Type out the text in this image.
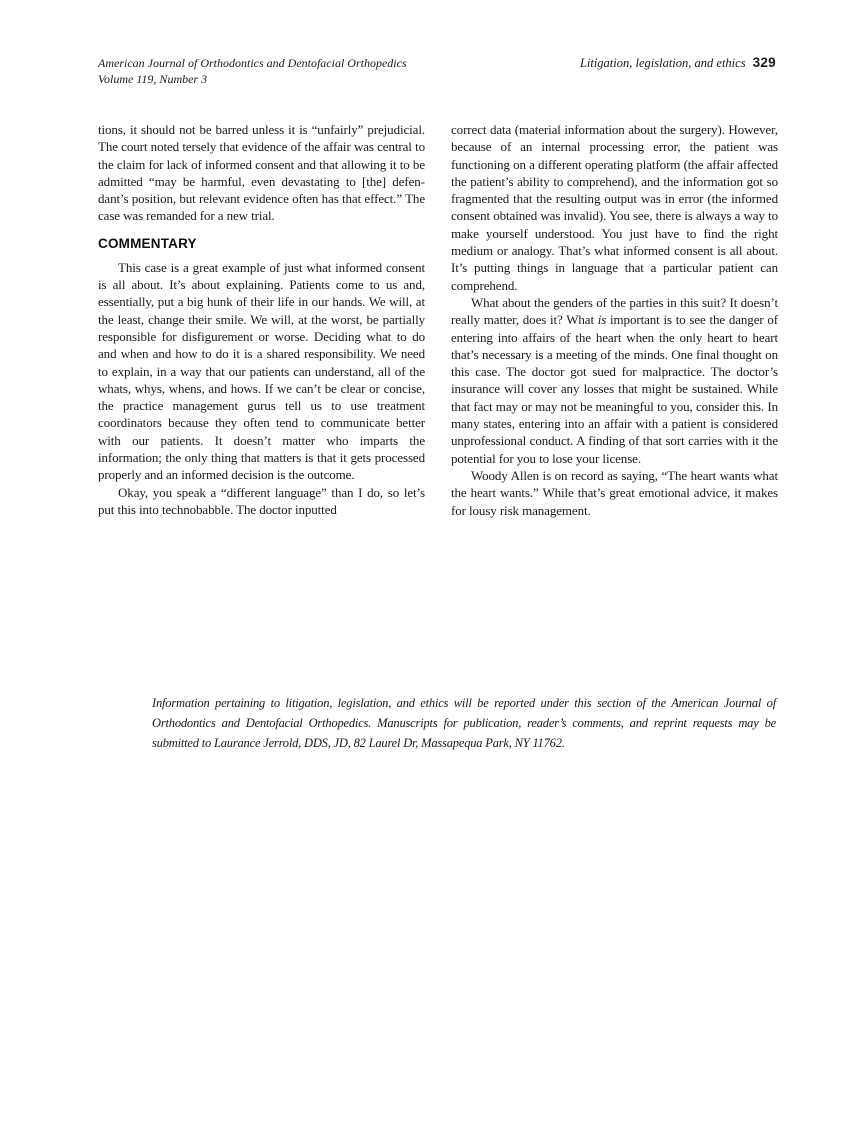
American Journal of Orthodontics and Dentofacial Orthopedics
Volume 119, Number 3
Litigation, legislation, and ethics 329

tions, it should not be barred unless it is “unfairly” prejudicial. The court noted tersely that evidence of the affair was central to the claim for lack of informed consent and that allowing it to be admitted “may be harmful, even devastating to [the] defendant’s position, but relevant evidence often has that effect.” The case was remanded for a new trial.

COMMENTARY

This case is a great example of just what informed consent is all about. It’s about explaining. Patients come to us and, essentially, put a big hunk of their life in our hands. We will, at the least, change their smile. We will, at the worst, be partially responsible for disfigurement or worse. Deciding what to do and when and how to do it is a shared responsibility. We need to explain, in a way that our patients can understand, all of the whats, whys, whens, and hows. If we can’t be clear or concise, the practice management gurus tell us to use treatment coordinators because they often tend to communicate better with our patients. It doesn’t matter who imparts the information; the only thing that matters is that it gets processed properly and an informed decision is the outcome.

Okay, you speak a “different language” than I do, so let’s put this into technobabble. The doctor inputted

correct data (material information about the surgery). However, because of an internal processing error, the patient was functioning on a different operating platform (the affair affected the patient’s ability to comprehend), and the information got so fragmented that the resulting output was in error (the informed consent obtained was invalid). You see, there is always a way to make yourself understood. You just have to find the right medium or analogy. That’s what informed consent is all about. It’s putting things in language that a particular patient can comprehend.

What about the genders of the parties in this suit? It doesn’t really matter, does it? What is important is to see the danger of entering into affairs of the heart when the only heart to heart that’s necessary is a meeting of the minds. One final thought on this case. The doctor got sued for malpractice. The doctor’s insurance will cover any losses that might be sustained. While that fact may or may not be meaningful to you, consider this. In many states, entering into an affair with a patient is considered unprofessional conduct. A finding of that sort carries with it the potential for you to lose your license.

Woody Allen is on record as saying, “The heart wants what the heart wants.” While that’s great emotional advice, it makes for lousy risk management.

Information pertaining to litigation, legislation, and ethics will be reported under this section of the American Journal of Orthodontics and Dentofacial Orthopedics. Manuscripts for publication, reader’s comments, and reprint requests may be submitted to Laurance Jerrold, DDS, JD, 82 Laurel Dr, Massapequa Park, NY 11762.
